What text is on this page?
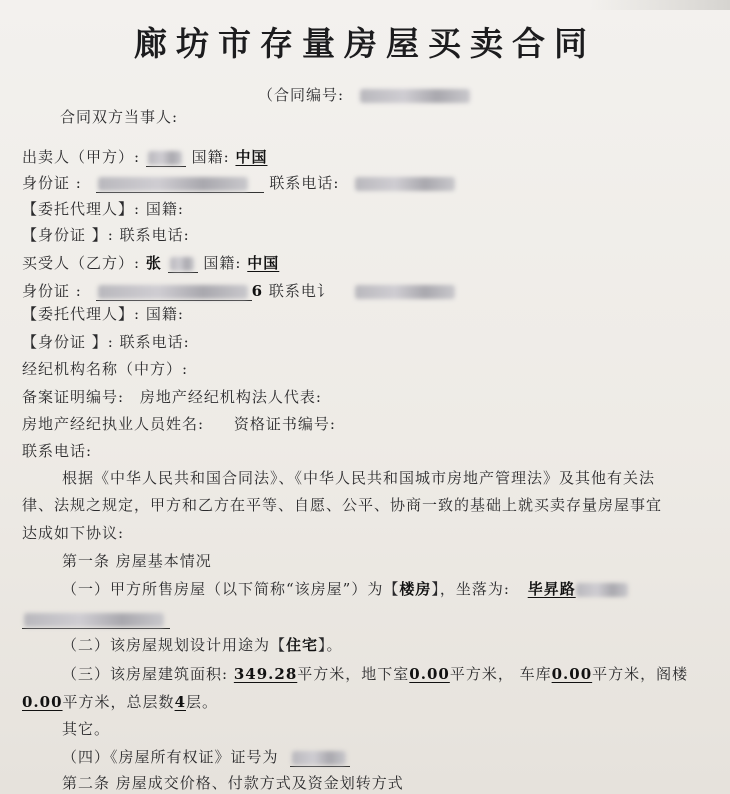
廊坊市存量房屋买卖合同
（合同编号:
合同双方当事人:
出卖人（甲方）:	国籍: 中国
身份证 :	联系电话:
【委托代理人】: 国籍:
【身份证 】: 联系电话:
买受人（乙方）: 张	国籍: 中国
身份证 :	6 联系电讠
【委托代理人】: 国籍:
【身份证 】: 联系电话:
经纪机构名称（中方）:
备案证明编号: 房地产经纪机构法人代表:
房地产经纪执业人员姓名: 资格证书编号:
联系电话:
根据《中华人民共和国合同法》、《中华人民共和国城市房地产管理法》及其他有关法
律、法规之规定，甲方和乙方在平等、自愿、公平、协商一致的基础上就买卖存量房屋事宜
达成如下协议:
第一条 房屋基本情况
（一）甲方所售房屋（以下简称“该房屋”）为【楼房】，坐落为: 毕昇路
（二）该房屋规划设计用途为【住宅】。
（三）该房屋建筑面积: 349.28平方米，地下室0.00平方米， 车库0.00平方米，阁楼
0.00平方米，总层数4层。
其它。
（四）《房屋所有权证》证号为
第二条 房屋成交价格、付款方式及资金划转方式
